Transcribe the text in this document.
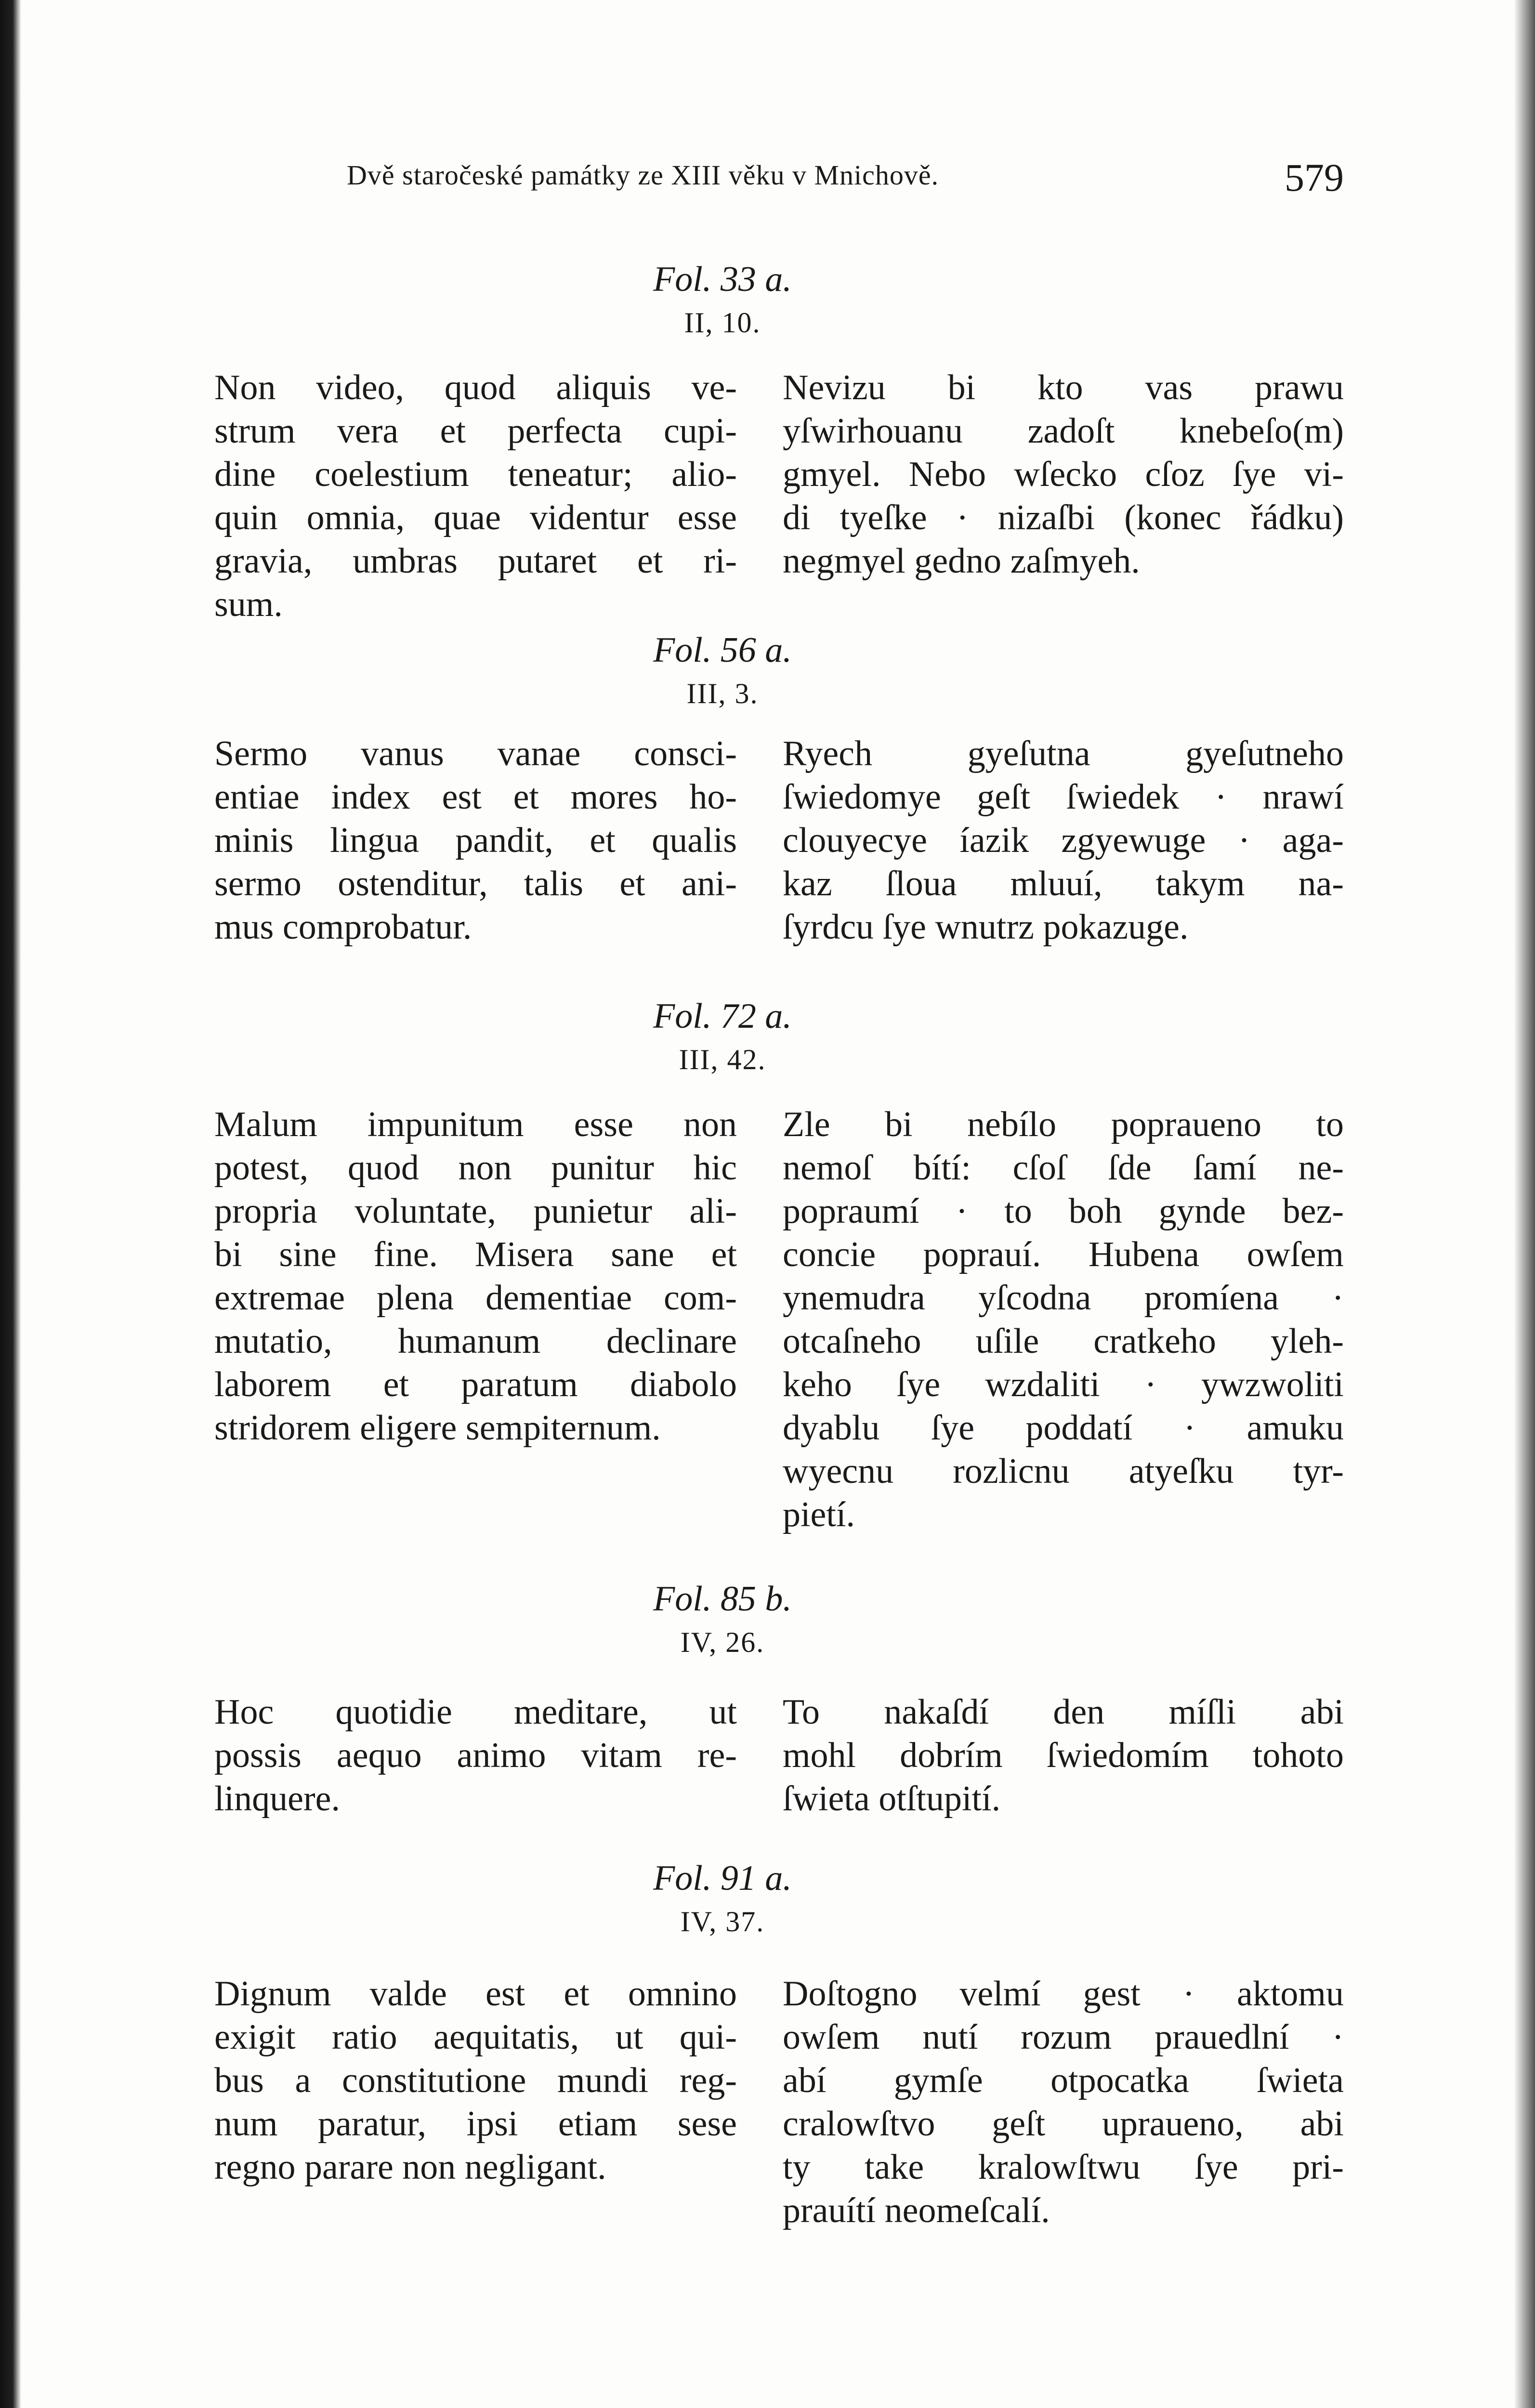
Dvě staročeské památky ze XIII věku v Mnichově.	579
Fol. 33 a.
II, 10.
Non video, quod aliquis ve-
strum vera et perfecta cupi-
dine coelestium teneatur; alio-
quin omnia, quae videntur esse
gravia, umbras putaret et ri-
sum.
Nevizu bi kto vas prawu
yſwirhouanu zadoſt knebeſo(m)
gmyel. Nebo wſecko cſoz ſye vi-
di tyeſke · nizaſbi (konec řádku)
negmyel gedno zaſmyeh.
Fol. 56 a.
III, 3.
Sermo vanus vanae consci-
entiae index est et mores ho-
minis lingua pandit, et qualis
sermo ostenditur, talis et ani-
mus comprobatur.
Ryech gyeſutna gyeſutneho
ſwiedomye geſt ſwiedek · nrawí
clouyecye íazik zgyewuge · aga-
kaz ſloua mluuí, takym na-
ſyrdcu ſye wnutrz pokazuge.
Fol. 72 a.
III, 42.
Malum impunitum esse non
potest, quod non punitur hic
propria voluntate, punietur ali-
bi sine fine. Misera sane et
extremae plena dementiae com-
mutatio, humanum declinare
laborem et paratum diabolo
stridorem eligere sempiternum.
Zle bi nebílo popraueno to
nemoſ bítí: cſoſ ſde ſamí ne-
popraumí · to boh gynde bez-
concie poprauí. Hubena owſem
ynemudra yſcodna promíena ·
otcaſneho uſile cratkeho yleh-
keho ſye wzdaliti · ywzwoliti
dyablu ſye poddatí · amuku
wyecnu rozlicnu atyeſku tyr-
pietí.
Fol. 85 b.
IV, 26.
Hoc quotidie meditare, ut
possis aequo animo vitam re-
linquere.
To nakaſdí den míſli abi
mohl dobrím ſwiedomím tohoto
ſwieta otſtupití.
Fol. 91 a.
IV, 37.
Dignum valde est et omnino
exigit ratio aequitatis, ut qui-
bus a constitutione mundi reg-
num paratur, ipsi etiam sese
regno parare non negligant.
Doſtogno velmí gest · aktomu
owſem nutí rozum prauedlní ·
abí gymſe otpocatka ſwieta
cralowſtvo geſt upraueno, abi
ty take kralowſtwu ſye pri-
prauítí neomeſcalí.
